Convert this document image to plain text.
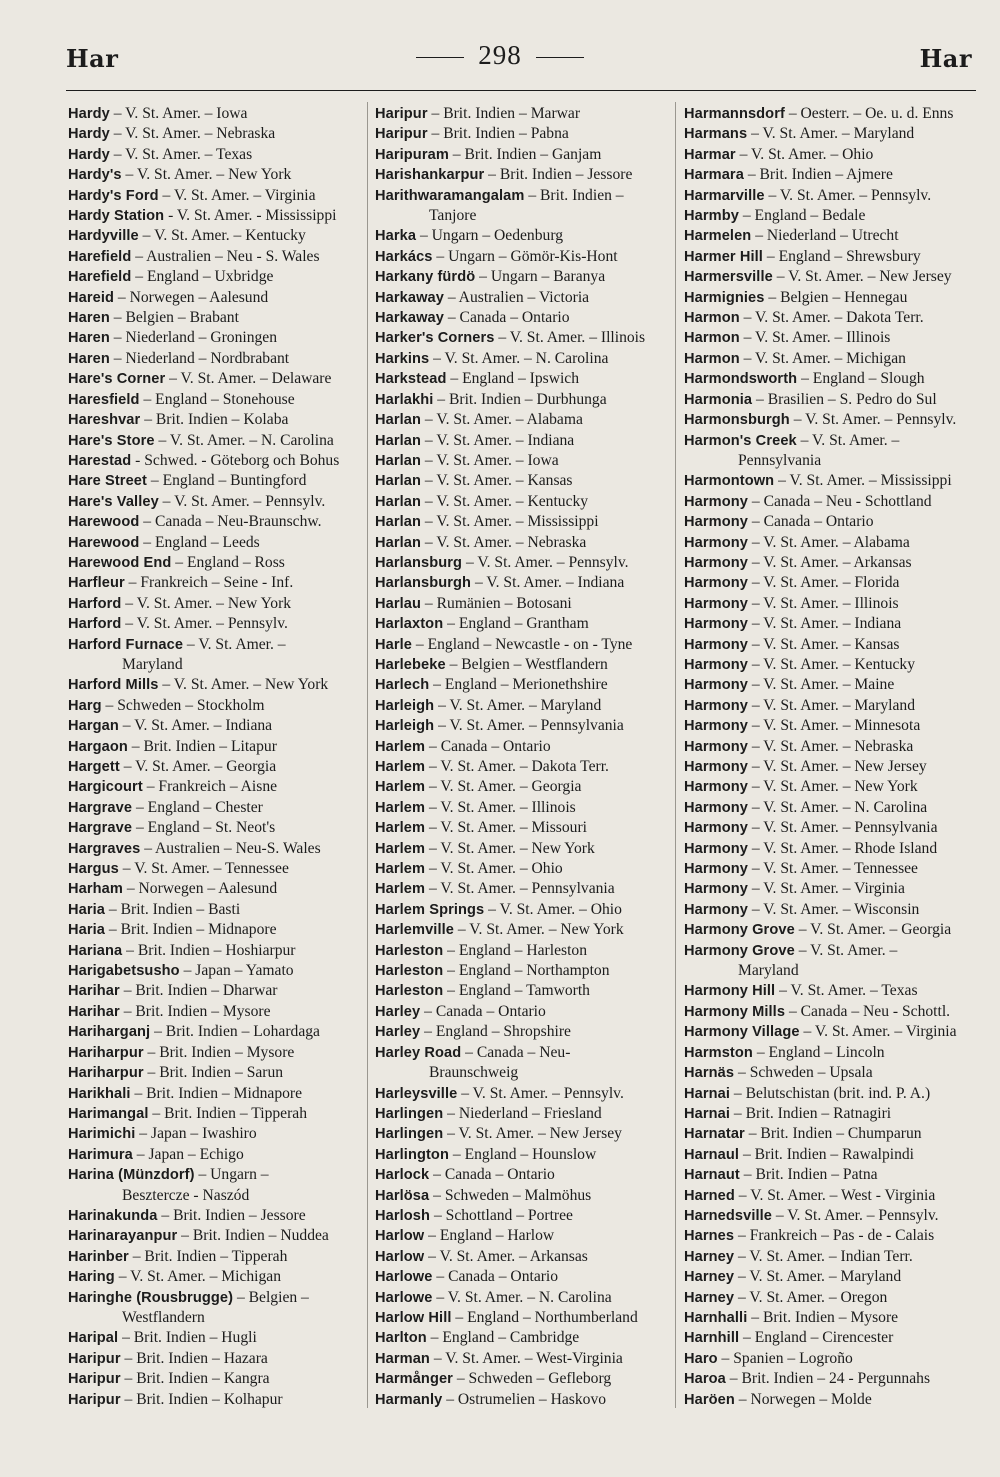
Har	298	Har
Hardy – V. St. Amer. – Iowa
Hardy – V. St. Amer. – Nebraska
Hardy – V. St. Amer. – Texas
Hardy's – V. St. Amer. – New York
Hardy's Ford – V. St. Amer. – Virginia
Hardy Station - V. St. Amer. - Mississippi
Hardyville – V. St. Amer. – Kentucky
Harefield – Australien – Neu - S. Wales
Harefield – England – Uxbridge
Hareid – Norwegen – Aalesund
Haren – Belgien – Brabant
Haren – Niederland – Groningen
Haren – Niederland – Nordbrabant
Hare's Corner – V. St. Amer. – Delaware
Haresfield – England – Stonehouse
Hareshvar – Brit. Indien – Kolaba
Hare's Store – V. St. Amer. – N. Carolina
Harestad - Schwed. - Göteborg och Bohus
Hare Street – England – Buntingford
Hare's Valley – V. St. Amer. – Pennsylv.
Harewood – Canada – Neu-Braunschw.
Harewood – England – Leeds
Harewood End – England – Ross
Harfleur – Frankreich – Seine - Inf.
Harford – V. St. Amer. – New York
Harford – V. St. Amer. – Pennsylv.
Harford Furnace – V. St. Amer. –
Maryland
Harford Mills – V. St. Amer. – New York
Harg – Schweden – Stockholm
Hargan – V. St. Amer. – Indiana
Hargaon – Brit. Indien – Litapur
Hargett – V. St. Amer. – Georgia
Hargicourt – Frankreich – Aisne
Hargrave – England – Chester
Hargrave – England – St. Neot's
Hargraves – Australien – Neu-S. Wales
Hargus – V. St. Amer. – Tennessee
Harham – Norwegen – Aalesund
Haria – Brit. Indien – Basti
Haria – Brit. Indien – Midnapore
Hariana – Brit. Indien – Hoshiarpur
Harigabetsusho – Japan – Yamato
Harihar – Brit. Indien – Dharwar
Harihar – Brit. Indien – Mysore
Hariharganj – Brit. Indien – Lohardaga
Hariharpur – Brit. Indien – Mysore
Hariharpur – Brit. Indien – Sarun
Harikhali – Brit. Indien – Midnapore
Harimangal – Brit. Indien – Tipperah
Harimichi – Japan – Iwashiro
Harimura – Japan – Echigo
Harina (Münzdorf) – Ungarn –
Beszterczе - Naszód
Harinakunda – Brit. Indien – Jessore
Harinarayanpur – Brit. Indien – Nuddea
Harinber – Brit. Indien – Tipperah
Haring – V. St. Amer. – Michigan
Haringhe (Rousbrugge) – Belgien –
Westflandern
Haripal – Brit. Indien – Hugli
Haripur – Brit. Indien – Hazara
Haripur – Brit. Indien – Kangra
Haripur – Brit. Indien – Kolhapur
Haripur – Brit. Indien – Marwar
Haripur – Brit. Indien – Pabna
Haripuram – Brit. Indien – Ganjam
Harishankarpur – Brit. Indien – Jessore
Harithwaramangalam – Brit. Indien –
Tanjore
Harka – Ungarn – Oedenburg
Harkács – Ungarn – Gömör-Kis-Hont
Harkany fürdö – Ungarn – Baranya
Harkaway – Australien – Victoria
Harkaway – Canada – Ontario
Harker's Corners – V. St. Amer. – Illinois
Harkins – V. St. Amer. – N. Carolina
Harkstead – England – Ipswich
Harlakhi – Brit. Indien – Durbhunga
Harlan – V. St. Amer. – Alabama
Harlan – V. St. Amer. – Indiana
Harlan – V. St. Amer. – Iowa
Harlan – V. St. Amer. – Kansas
Harlan – V. St. Amer. – Kentucky
Harlan – V. St. Amer. – Mississippi
Harlan – V. St. Amer. – Nebraska
Harlansburg – V. St. Amer. – Pennsylv.
Harlansburgh – V. St. Amer. – Indiana
Harlau – Rumänien – Botosani
Harlaxton – England – Grantham
Harle – England – Newcastle - on - Tyne
Harlebeke – Belgien – Westflandern
Harlech – England – Merionethshire
Harleigh – V. St. Amer. – Maryland
Harleigh – V. St. Amer. – Pennsylvania
Harlem – Canada – Ontario
Harlem – V. St. Amer. – Dakota Terr.
Harlem – V. St. Amer. – Georgia
Harlem – V. St. Amer. – Illinois
Harlem – V. St. Amer. – Missouri
Harlem – V. St. Amer. – New York
Harlem – V. St. Amer. – Ohio
Harlem – V. St. Amer. – Pennsylvania
Harlem Springs – V. St. Amer. – Ohio
Harlemville – V. St. Amer. – New York
Harleston – England – Harleston
Harleston – England – Northampton
Harleston – England – Tamworth
Harley – Canada – Ontario
Harley – England – Shropshire
Harley Road – Canada – Neu-
Braunschweig
Harleysville – V. St. Amer. – Pennsylv.
Harlingen – Niederland – Friesland
Harlingen – V. St. Amer. – New Jersey
Harlington – England – Hounslow
Harlock – Canada – Ontario
Harlösa – Schweden – Malmöhus
Harlosh – Schottland – Portree
Harlow – England – Harlow
Harlow – V. St. Amer. – Arkansas
Harlowe – Canada – Ontario
Harlowe – V. St. Amer. – N. Carolina
Harlow Hill – England – Northumberland
Harlton – England – Cambridge
Harman – V. St. Amer. – West-Virginia
Harmånger – Schweden – Gefleborg
Harmanly – Ostrumelien – Haskovo
Harmannsdorf – Oesterr. – Oe. u. d. Enns
Harmans – V. St. Amer. – Maryland
Harmar – V. St. Amer. – Ohio
Harmara – Brit. Indien – Ajmere
Harmarville – V. St. Amer. – Pennsylv.
Harmby – England – Bedale
Harmelen – Niederland – Utrecht
Harmer Hill – England – Shrewsbury
Harmersville – V. St. Amer. – New Jersey
Harmignies – Belgien – Hennegau
Harmon – V. St. Amer. – Dakota Terr.
Harmon – V. St. Amer. – Illinois
Harmon – V. St. Amer. – Michigan
Harmondsworth – England – Slough
Harmonia – Brasilien – S. Pedro do Sul
Harmonsburgh – V. St. Amer. – Pennsylv.
Harmon's Creek – V. St. Amer. –
Pennsylvania
Harmontown – V. St. Amer. – Mississippi
Harmony – Canada – Neu - Schottland
Harmony – Canada – Ontario
Harmony – V. St. Amer. – Alabama
Harmony – V. St. Amer. – Arkansas
Harmony – V. St. Amer. – Florida
Harmony – V. St. Amer. – Illinois
Harmony – V. St. Amer. – Indiana
Harmony – V. St. Amer. – Kansas
Harmony – V. St. Amer. – Kentucky
Harmony – V. St. Amer. – Maine
Harmony – V. St. Amer. – Maryland
Harmony – V. St. Amer. – Minnesota
Harmony – V. St. Amer. – Nebraska
Harmony – V. St. Amer. – New Jersey
Harmony – V. St. Amer. – New York
Harmony – V. St. Amer. – N. Carolina
Harmony – V. St. Amer. – Pennsylvania
Harmony – V. St. Amer. – Rhode Island
Harmony – V. St. Amer. – Tennessee
Harmony – V. St. Amer. – Virginia
Harmony – V. St. Amer. – Wisconsin
Harmony Grove – V. St. Amer. – Georgia
Harmony Grove – V. St. Amer. –
Maryland
Harmony Hill – V. St. Amer. – Texas
Harmony Mills – Canada – Neu - Schottl.
Harmony Village – V. St. Amer. – Virginia
Harmston – England – Lincoln
Harnäs – Schweden – Upsala
Harnai – Belutschistan (brit. ind. P. A.)
Harnai – Brit. Indien – Ratnagiri
Harnatar – Brit. Indien – Chumparun
Harnaul – Brit. Indien – Rawalpindi
Harnaut – Brit. Indien – Patna
Harned – V. St. Amer. – West - Virginia
Harnedsville – V. St. Amer. – Pennsylv.
Harnes – Frankreich – Pas - de - Calais
Harney – V. St. Amer. – Indian Terr.
Harney – V. St. Amer. – Maryland
Harney – V. St. Amer. – Oregon
Harnhalli – Brit. Indien – Mysore
Harnhill – England – Cirencester
Haro – Spanien – Logroño
Haroa – Brit. Indien – 24 - Pergunnahs
Haröen – Norwegen – Molde
